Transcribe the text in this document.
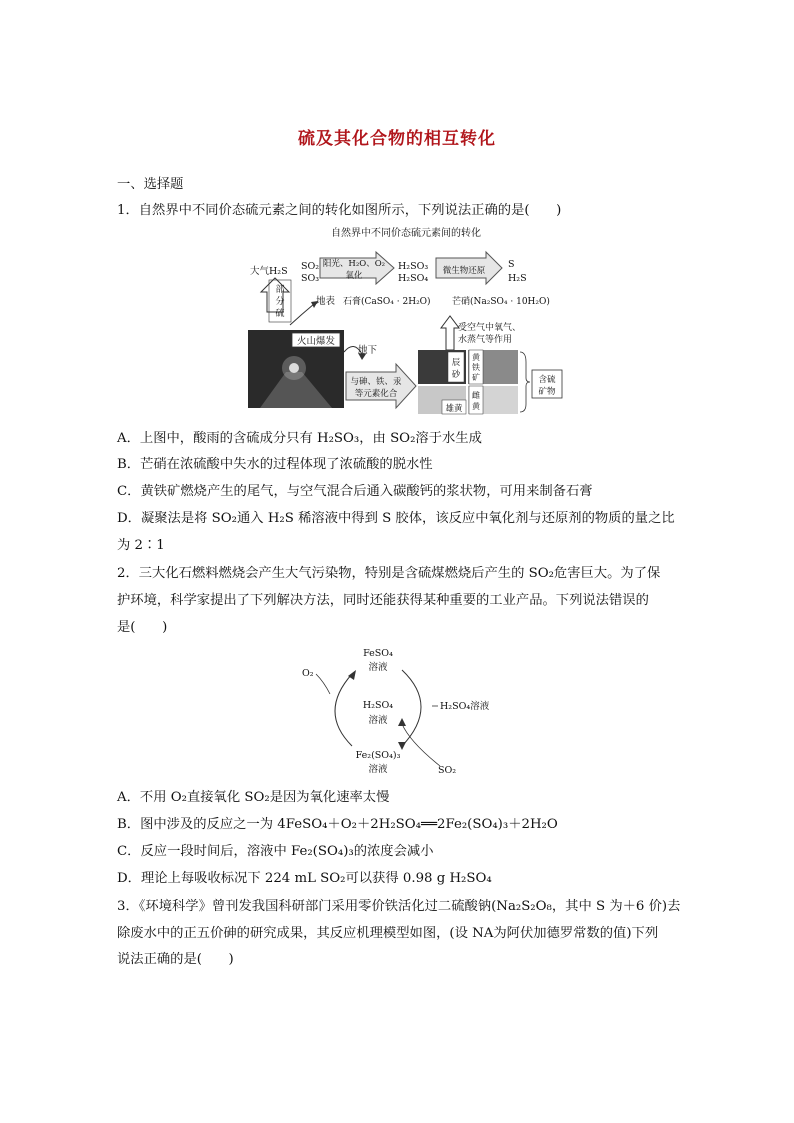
硫及其化合物的相互转化
一、选择题
1．自然界中不同价态硫元素之间的转化如图所示，下列说法正确的是(　　)
自然界中不同价态硫元素间的转化
大气H₂S
部
分
硫
地表
SO₂
SO₃
阳光、H₂O、O₂
氧化
H₂SO₃
H₂SO₄
微生物还原
S
H₂S
石膏(CaSO₄ · 2H₂O) 芒硝(Na₂SO₄ · 10H₂O)
受空气中氧气、
水蒸气等作用
火山爆发
地下
与砷、铁、汞
等元素化合
辰
砂
黄
铁
矿
雄黄
雌
黄
含硫
矿物
A．上图中，酸雨的含硫成分只有 H₂SO₃，由 SO₂溶于水生成
B．芒硝在浓硫酸中失水的过程体现了浓硫酸的脱水性
C．黄铁矿燃烧产生的尾气，与空气混合后通入碳酸钙的浆状物，可用来制备石膏
D．凝聚法是将 SO₂通入 H₂S 稀溶液中得到 S 胶体，该反应中氧化剂与还原剂的物质的量之比
为 2∶1
2．三大化石燃料燃烧会产生大气污染物，特别是含硫煤燃烧后产生的 SO₂危害巨大。为了保
护环境，科学家提出了下列解决方法，同时还能获得某种重要的工业产品。下列说法错误的
是(　　)
FeSO₄
溶液
O₂
H₂SO₄
溶液
H₂SO₄溶液
Fe₂(SO₄)₃
溶液	SO₂
A．不用 O₂直接氧化 SO₂是因为氧化速率太慢
B．图中涉及的反应之一为 4FeSO₄＋O₂＋2H₂SO₄══2Fe₂(SO₄)₃＋2H₂O
C．反应一段时间后，溶液中 Fe₂(SO₄)₃的浓度会减小
D．理论上每吸收标况下 224 mL SO₂可以获得 0.98 g H₂SO₄
3．《环境科学》曾刊发我国科研部门采用零价铁活化过二硫酸钠(Na₂S₂O₈，其中 S 为＋6 价)去
除废水中的正五价砷的研究成果，其反应机理模型如图，(设 NA为阿伏加德罗常数的值)下列
说法正确的是(　　)
